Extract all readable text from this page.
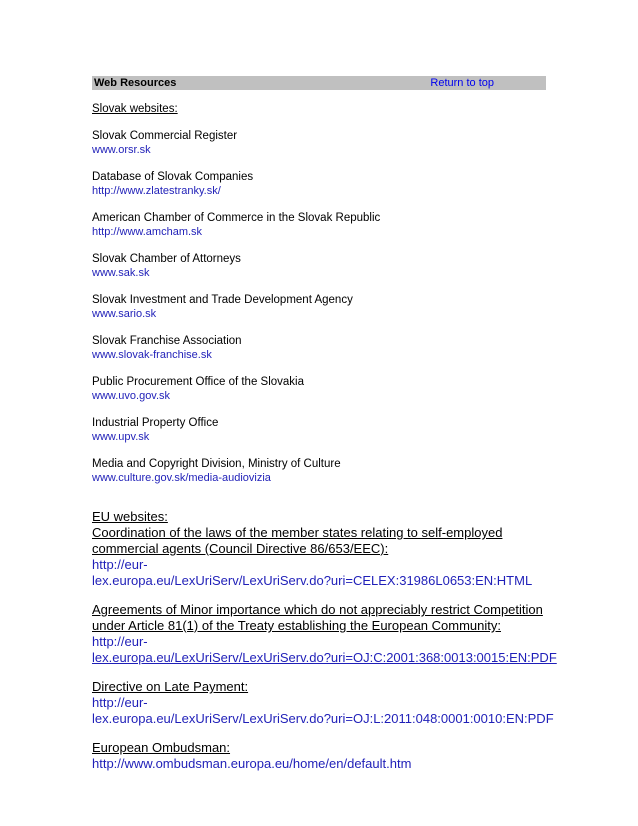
Web Resources	Return to top
Slovak websites:
Slovak Commercial Register
www.orsr.sk
Database of Slovak Companies
http://www.zlatestranky.sk/
American Chamber of Commerce in the Slovak Republic
http://www.amcham.sk
Slovak Chamber of Attorneys
www.sak.sk
Slovak Investment and Trade Development Agency
www.sario.sk
Slovak Franchise Association
www.slovak-franchise.sk
Public Procurement Office of the Slovakia
www.uvo.gov.sk
Industrial Property Office
www.upv.sk
Media and Copyright Division, Ministry of Culture
www.culture.gov.sk/media-audiovizia
EU websites:
Coordination of the laws of the member states relating to self-employed commercial agents (Council Directive 86/653/EEC):
http://eur-
lex.europa.eu/LexUriServ/LexUriServ.do?uri=CELEX:31986L0653:EN:HTML
Agreements of Minor importance which do not appreciably restrict Competition under Article 81(1) of the Treaty establishing the European Community:
http://eur-
lex.europa.eu/LexUriServ/LexUriServ.do?uri=OJ:C:2001:368:0013:0015:EN:PDF
Directive on Late Payment:
http://eur-
lex.europa.eu/LexUriServ/LexUriServ.do?uri=OJ:L:2011:048:0001:0010:EN:PDF
European Ombudsman:
http://www.ombudsman.europa.eu/home/en/default.htm
